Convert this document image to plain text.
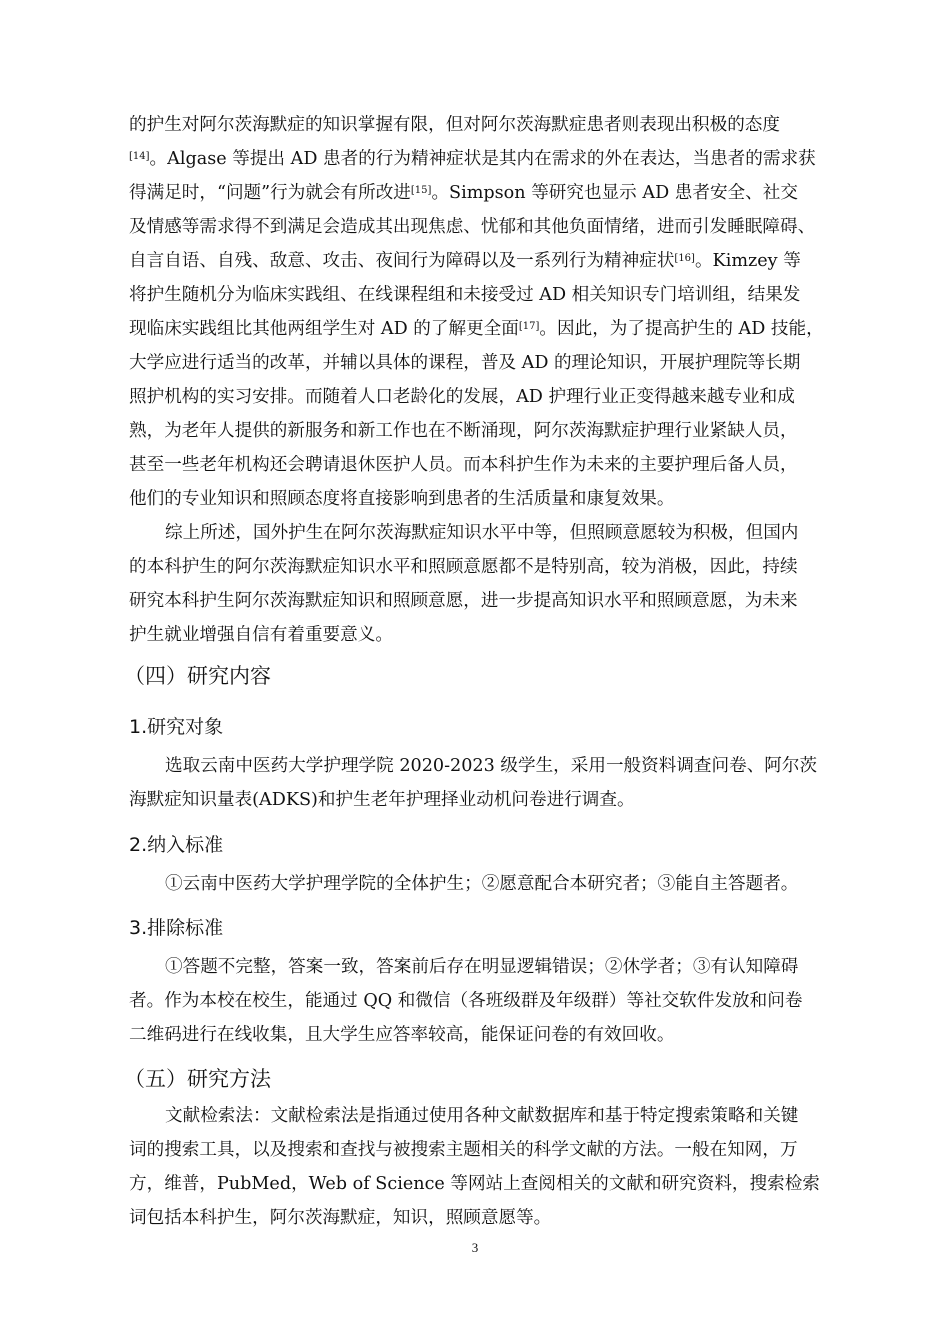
的护生对阿尔茨海默症的知识掌握有限，但对阿尔茨海默症患者则表现出积极的态度
[14]。Algase 等提出 AD 患者的行为精神症状是其内在需求的外在表达，当患者的需求获
得满足时，“问题”行为就会有所改进[15]。Simpson 等研究也显示 AD 患者安全、社交
及情感等需求得不到满足会造成其出现焦虑、忧郁和其他负面情绪，进而引发睡眠障碍、
自言自语、自残、敌意、攻击、夜间行为障碍以及一系列行为精神症状[16]。Kimzey 等
将护生随机分为临床实践组、在线课程组和未接受过 AD 相关知识专门培训组，结果发
现临床实践组比其他两组学生对 AD 的了解更全面[17]。因此，为了提高护生的 AD 技能，
大学应进行适当的改革，并辅以具体的课程，普及 AD 的理论知识，开展护理院等长期
照护机构的实习安排。而随着人口老龄化的发展，AD 护理行业正变得越来越专业和成
熟，为老年人提供的新服务和新工作也在不断涌现，阿尔茨海默症护理行业紧缺人员，
甚至一些老年机构还会聘请退休医护人员。而本科护生作为未来的主要护理后备人员，
他们的专业知识和照顾态度将直接影响到患者的生活质量和康复效果。
综上所述，国外护生在阿尔茨海默症知识水平中等，但照顾意愿较为积极，但国内
的本科护生的阿尔茨海默症知识水平和照顾意愿都不是特别高，较为消极，因此，持续
研究本科护生阿尔茨海默症知识和照顾意愿，进一步提高知识水平和照顾意愿，为未来
护生就业增强自信有着重要意义。
（四）研究内容
1.研究对象
选取云南中医药大学护理学院 2020-2023 级学生，采用一般资料调查问卷、阿尔茨
海默症知识量表(ADKS)和护生老年护理择业动机问卷进行调查。
2.纳入标准
①云南中医药大学护理学院的全体护生；②愿意配合本研究者；③能自主答题者。
3.排除标准
①答题不完整，答案一致，答案前后存在明显逻辑错误；②休学者；③有认知障碍
者。作为本校在校生，能通过 QQ 和微信（各班级群及年级群）等社交软件发放和问卷
二维码进行在线收集，且大学生应答率较高，能保证问卷的有效回收。
（五）研究方法
文献检索法：文献检索法是指通过使用各种文献数据库和基于特定搜索策略和关键
词的搜索工具，以及搜索和查找与被搜索主题相关的科学文献的方法。一般在知网，万
方，维普，PubMed，Web of Science 等网站上查阅相关的文献和研究资料，搜索检索
词包括本科护生，阿尔茨海默症，知识，照顾意愿等。
3
